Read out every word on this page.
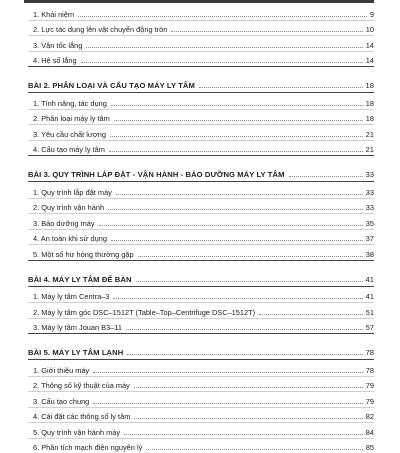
1. Khái niệm	9
2. Lực tác dụng lên vật chuyển động tròn	10
3. Vận tốc lắng	14
4. Hệ số lắng	14
BÀI 2. PHÂN LOẠI VÀ CẤU TẠO MÁY LY TÂM	18
1. Tính năng, tác dụng	18
2. Phân loại máy ly tâm	18
3. Yêu cầu chất lượng	21
4. Cấu tạo máy ly tâm	21
BÀI 3. QUY TRÌNH LẮP ĐẶT - VẬN HÀNH - BẢO DƯỠNG MÁY LY TÂM	33
1. Quy trình lắp đặt máy	33
2. Quy trình vận hành	33
3. Bảo dưỡng máy	35
4. An toàn khi sử dụng	37
5. Một số hư hỏng thường gặp	38
BÀI 4. MÁY LY TÂM ĐỂ BÀN	41
1. Máy ly tâm Centra–3	41
2. Máy ly tâm góc DSC–1512T (Table–Top–Centrifuge DSC–1512T)	51
3. Máy ly tâm Jouan B3–11	57
BÀI 5. MÁY LY TÂM LẠNH	78
1. Giới thiệu máy	78
2. Thông số kỹ thuật của máy	79
3. Cấu tạo chung	79
4. Cài đặt các thông số ly tâm	82
5. Quy trình vận hành máy	84
6. Phân tích mạch điện nguyên lý	85
